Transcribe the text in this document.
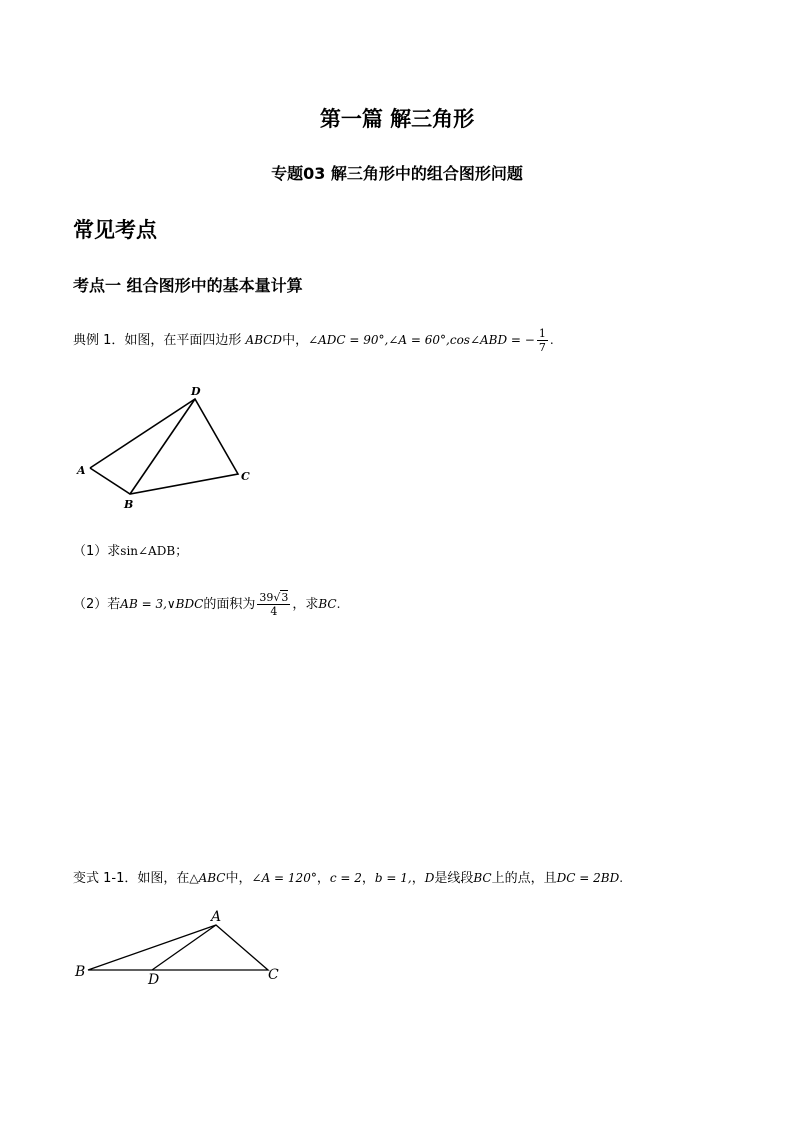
第一篇 解三角形
专题03 解三角形中的组合图形问题
常见考点
考点一 组合图形中的基本量计算
典例 1．如图，在平面四边形 ABCD中，∠ADC = 90°,∠A = 60°,cos∠ABD = − $\frac{1}{7}$ .
A
B
C
D
（1）求sin∠ADB；
（2）若AB = 3,∨BDC的面积为 $\frac{39√3}{4}$ ，求BC.
变式 1-1．如图，在△ABC中，∠A = 120°，c = 2，b = 1,，D是线段BC上的点，且DC = 2BD.
B
A
C
D
